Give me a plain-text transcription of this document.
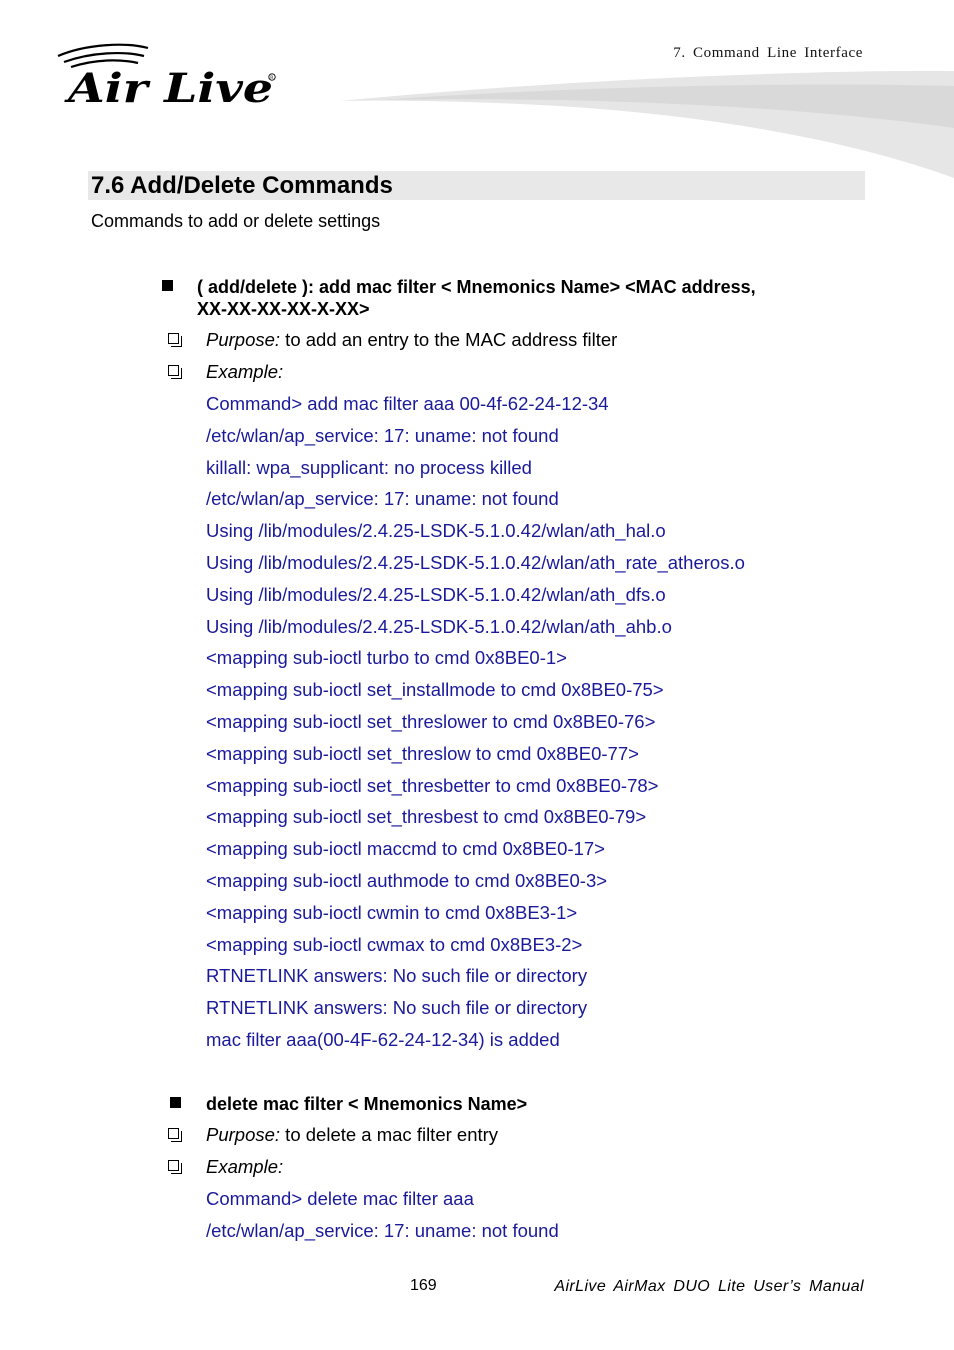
Air Live
R
7. Command Line Interface
7.6 Add/Delete Commands
Commands to add or delete settings
( add/delete ): add mac filter < Mnemonics Name> <MAC address,
XX-XX-XX-XX-X-XX>
Purpose: to add an entry to the MAC address filter
Example:
Command> add mac filter aaa 00-4f-62-24-12-34
/etc/wlan/ap_service: 17: uname: not found
killall: wpa_supplicant: no process killed
/etc/wlan/ap_service: 17: uname: not found
Using /lib/modules/2.4.25-LSDK-5.1.0.42/wlan/ath_hal.o
Using /lib/modules/2.4.25-LSDK-5.1.0.42/wlan/ath_rate_atheros.o
Using /lib/modules/2.4.25-LSDK-5.1.0.42/wlan/ath_dfs.o
Using /lib/modules/2.4.25-LSDK-5.1.0.42/wlan/ath_ahb.o
<mapping sub-ioctl turbo to cmd 0x8BE0-1>
<mapping sub-ioctl set_installmode to cmd 0x8BE0-75>
<mapping sub-ioctl set_threslower to cmd 0x8BE0-76>
<mapping sub-ioctl set_threslow to cmd 0x8BE0-77>
<mapping sub-ioctl set_thresbetter to cmd 0x8BE0-78>
<mapping sub-ioctl set_thresbest to cmd 0x8BE0-79>
<mapping sub-ioctl maccmd to cmd 0x8BE0-17>
<mapping sub-ioctl authmode to cmd 0x8BE0-3>
<mapping sub-ioctl cwmin to cmd 0x8BE3-1>
<mapping sub-ioctl cwmax to cmd 0x8BE3-2>
RTNETLINK answers: No such file or directory
RTNETLINK answers: No such file or directory
mac filter aaa(00-4F-62-24-12-34) is added
delete mac filter < Mnemonics Name>
Purpose: to delete a mac filter entry
Example:
Command> delete mac filter aaa
/etc/wlan/ap_service: 17: uname: not found
169	AirLive AirMax DUO Lite User’s Manual
